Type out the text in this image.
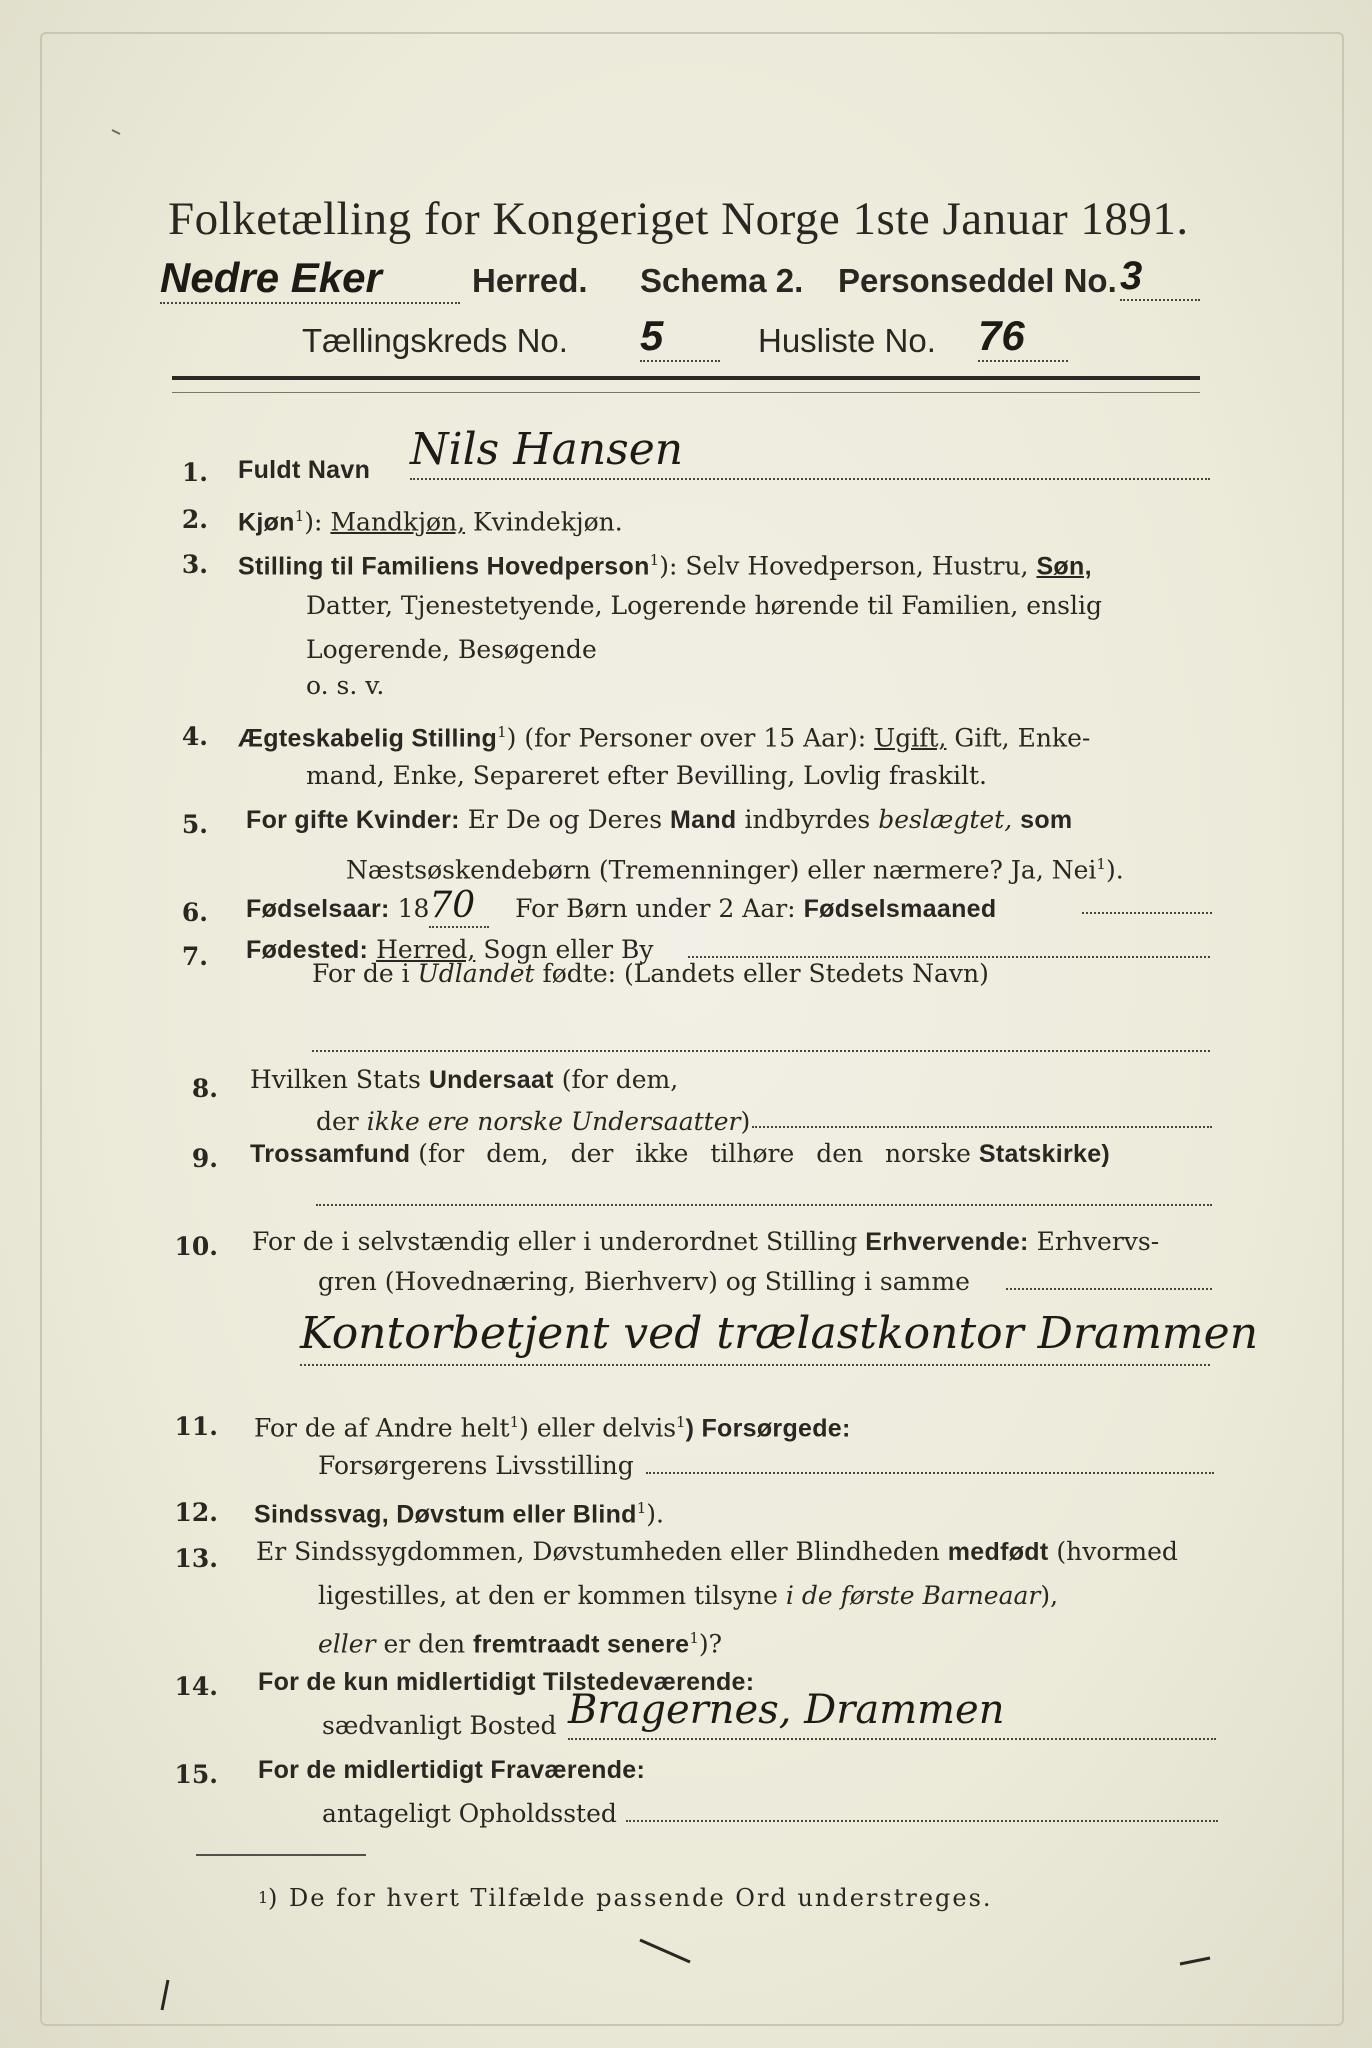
Folketælling for Kongeriget Norge 1ste Januar 1891.
Nedre Eker	Herred. Schema 2. Personseddel No. 3
Tællingskreds No. 5	Husliste No. 76
1. Fuldt Navn Nils Hansen
2. Kjøn$^1$): Mandkjøn, Kvindekjøn.
3. Stilling til Familiens Hovedperson$^1$): Selv Hovedperson, Hustru, Søn,
Datter, Tjenestetyende, Logerende hørende til Familien, enslig
Logerende, Besøgende
o. s. v.
4. Ægteskabelig Stilling$^1$) (for Personer over 15 Aar): Ugift, Gift, Enke-
mand, Enke, Separeret efter Bevilling, Lovlig fraskilt.
5. For gifte Kvinder: Er De og Deres Mand indbyrdes beslægtet, som
Næstsøskendebørn (Tremenninger) eller nærmere? Ja, Nei$^1$).
6. Fødselsaar: 1870 For Børn under 2 Aar: Fødselsmaaned
7. Fødested: Herred, Sogn eller By
For de i Udlandet fødte: (Landets eller Stedets Navn)
8. Hvilken Stats Undersaat (for dem,
der ikke ere norske Undersaatter)
9. Trossamfund (for dem, der ikke tilhøre den norske Statskirke)
10. For de i selvstændig eller i underordnet Stilling Erhvervende: Erhvervs-
gren (Hovednæring, Bierhverv) og Stilling i samme
Kontorbetjent ved trælastkontor Drammen
11. For de af Andre helt$^1$) eller delvis$^1$) Forsørgede:
Forsørgerens Livsstilling
12. Sindssvag, Døvstum eller Blind$^1$).
13. Er Sindssygdommen, Døvstumheden eller Blindheden medfødt (hvormed
ligestilles, at den er kommen tilsyne i de første Barneaar),
eller er den fremtraadt senere$^1$)?
14. For de kun midlertidigt Tilstedeværende:
sædvanligt Bosted Bragernes, Drammen
15. For de midlertidigt Fraværende:
antageligt Opholdssted
1 ) De for hvert Tilfælde passende Ord understreges.
